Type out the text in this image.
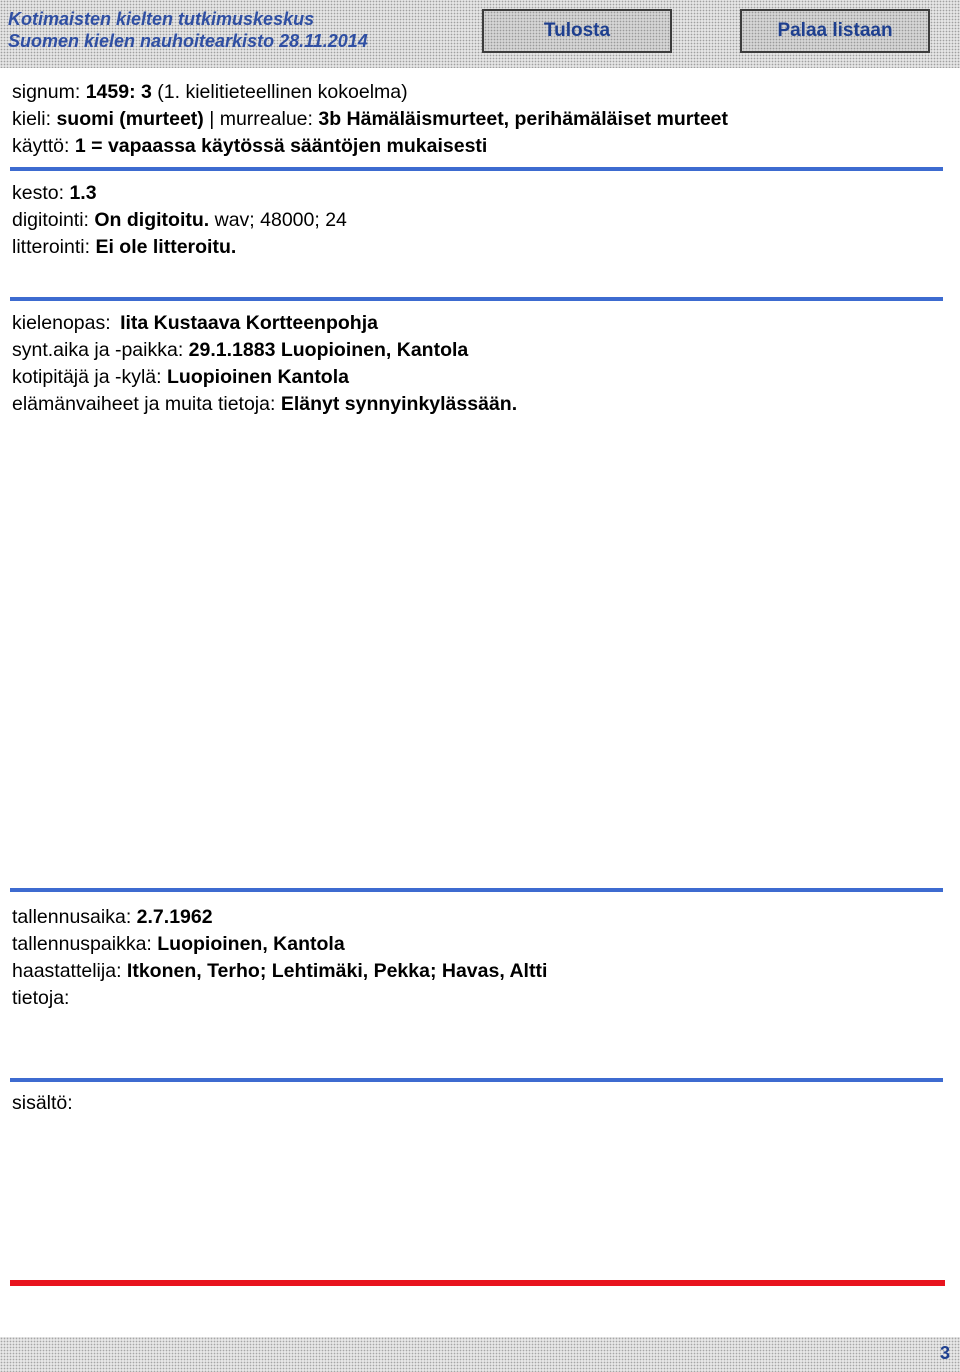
Kotimaisten kielten tutkimuskeskus
Suomen kielen nauhoitearkisto 28.11.2014	Tulosta	Palaa listaan
signum: 1459: 3 (1. kielitieteellinen kokoelma)
kieli: suomi (murteet) | murrealue: 3b Hämäläismurteet, perihämäläiset murteet
käyttö: 1 = vapaassa käytössä sääntöjen mukaisesti
kesto: 1.3
digitointi: On digitoitu. wav; 48000; 24
litterointi: Ei ole litteroitu.
kielenopas: Iita Kustaava Kortteenpohja
synt.aika ja -paikka: 29.1.1883 Luopioinen, Kantola
kotipitäjä ja -kylä: Luopioinen Kantola
elämänvaiheet ja muita tietoja: Elänyt synnyinkylässään.
tallennusaika: 2.7.1962
tallennuspaikka: Luopioinen, Kantola
haastattelija: Itkonen, Terho; Lehtimäki, Pekka; Havas, Altti
tietoja:
sisältö:
3
